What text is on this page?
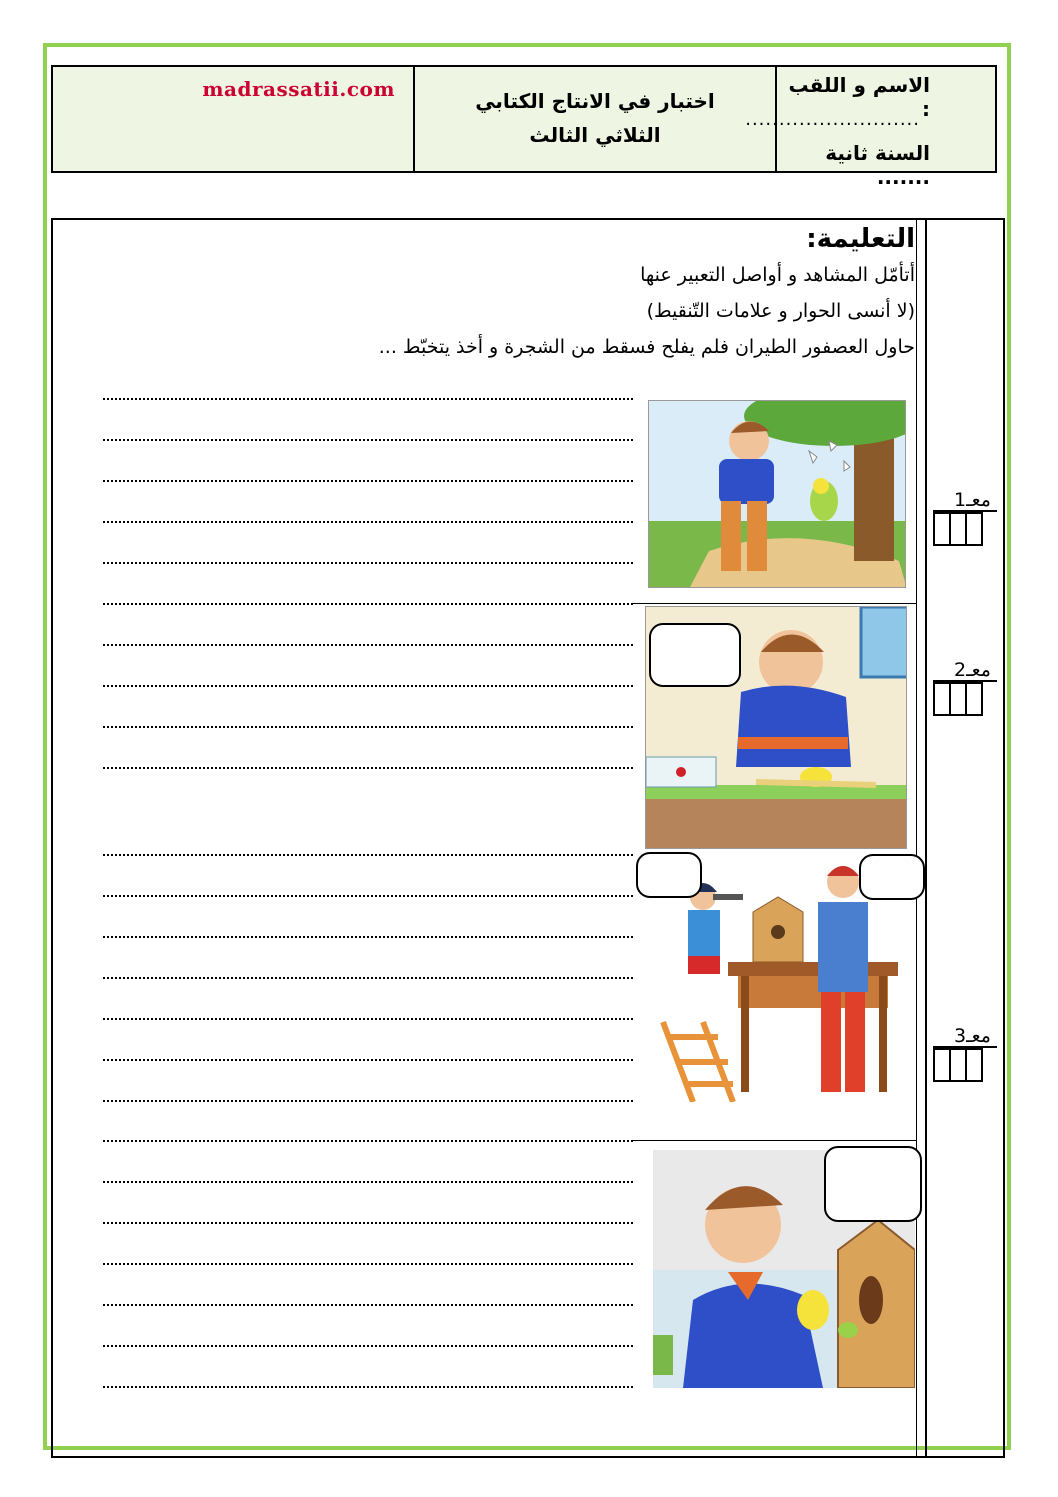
madrassatii.com	اختبار في الانتاج الكتابي
الثلاثي الثالث
الاسم و اللقب :
..........................
السنة ثانية .......
التعليمة:
أتأمّل المشاهد و أواصل التعبير عنها
(لا أنسى الحوار و علامات التّنقيط)
حاول العصفور الطيران فلم يفلح فسقط من الشجرة و أخذ يتخبّط ...
معـ1
معـ2
معـ3
